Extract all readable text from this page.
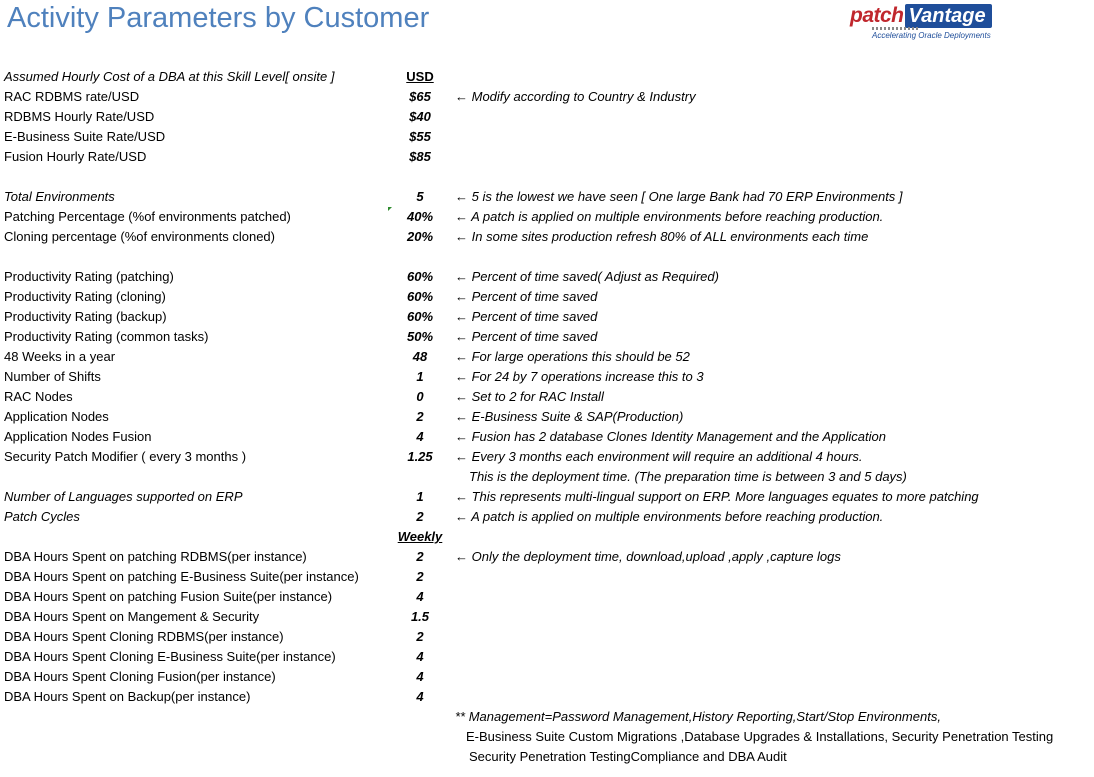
Activity Parameters by Customer	patch Vantage
Accelerating Oracle Deployments
Assumed Hourly Cost of a DBA at this Skill Level[ onsite ]	USD
RAC RDBMS rate/USD	$65	← Modify according to Country & Industry
RDBMS Hourly Rate/USD	$40
E-Business Suite Rate/USD	$55
Fusion Hourly Rate/USD	$85
Total Environments	5	← 5 is the lowest we have seen [ One large Bank had 70 ERP Environments ]
Patching Percentage (%of environments patched)	40%	← A patch is applied on multiple environments before reaching production.
Cloning percentage (%of environments cloned)	20%	← In some sites production refresh 80% of ALL environments each time
Productivity Rating (patching)	60%	← Percent of time saved( Adjust as Required)
Productivity Rating (cloning)	60%	← Percent of time saved
Productivity Rating (backup)	60%	← Percent of time saved
Productivity Rating (common tasks)	50%	← Percent of time saved
48 Weeks in a year	48	← For large operations this should be 52
Number of Shifts	1	← For 24 by 7 operations increase this to 3
RAC Nodes	0	← Set to 2 for RAC Install
Application Nodes	2	← E-Business Suite & SAP(Production)
Application Nodes Fusion	4	← Fusion has 2 database Clones Identity Management and the Application
Security Patch Modifier ( every 3 months )	1.25	← Every 3 months each environment will require an additional 4 hours.
This is the deployment time. (The preparation time is between 3 and 5 days)
Number of Languages supported on ERP	1	← This represents multi-lingual support on ERP. More languages equates to more patching
Patch Cycles	2	← A patch is applied on multiple environments before reaching production.
Weekly
DBA Hours Spent on patching RDBMS(per instance)	2	← Only the deployment time, download,upload ,apply ,capture logs
DBA Hours Spent on patching E-Business Suite(per instance)	2
DBA Hours Spent on patching Fusion Suite(per instance)	4
DBA Hours Spent on Mangement & Security	1.5
DBA Hours Spent Cloning RDBMS(per instance)	2
DBA Hours Spent Cloning E-Business Suite(per instance)	4
DBA Hours Spent Cloning Fusion(per instance)	4
DBA Hours Spent on Backup(per instance)	4
** Management=Password Management,History Reporting,Start/Stop Environments,
E-Business Suite Custom Migrations ,Database Upgrades & Installations, Security Penetration Testing
Security Penetration TestingCompliance and DBA Audit
